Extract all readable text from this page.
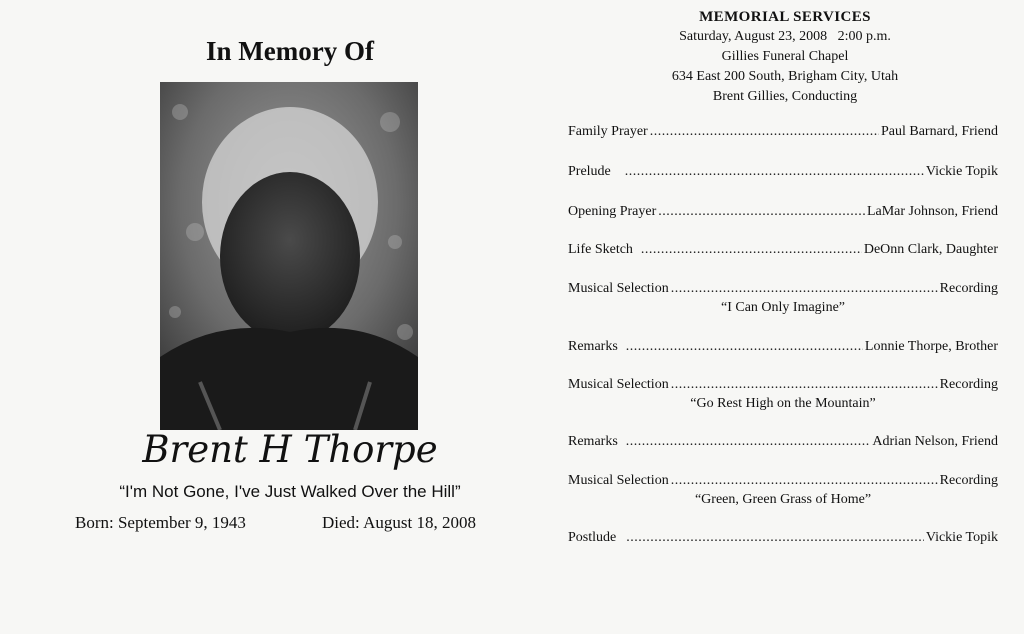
In Memory Of
Brent H Thorpe
“I'm Not Gone, I've Just Walked Over the Hill”
Born: September 9, 1943	Died: August 18, 2008
MEMORIAL SERVICES
Saturday, August 23, 2008   2:00 p.m.
Gillies Funeral Chapel
634 East 200 South, Brigham City, Utah
Brent Gillies, Conducting
Family Prayer .....	Paul Barnard, Friend
Prelude .....	Vickie Topik
Opening Prayer .....	LaMar Johnson, Friend
Life Sketch .....	DeOnn Clark, Daughter
Musical Selection .....	Recording
“I Can Only Imagine”
Remarks .....	Lonnie Thorpe, Brother
Musical Selection .....	Recording
“Go Rest High on the Mountain”
Remarks .....	Adrian Nelson, Friend
Musical Selection .....	Recording
“Green, Green Grass of Home”
Postlude .....	Vickie Topik
